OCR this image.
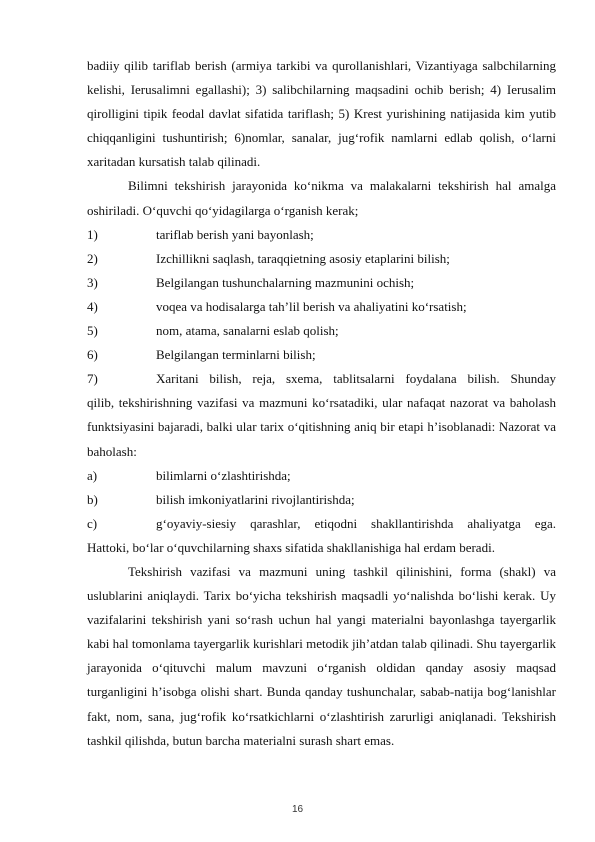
badiiy qilib tariflab berish (armiya tarkibi va qurollanishlari, Vizantiyaga salbchilarning kelishi, Ierusalimni egallashi); 3) salibchilarning maqsadini ochib berish; 4) Ierusalim qirolligini tipik feodal davlat sifatida tariflash; 5) Krest yurishining natijasida kim yutib chiqqanligini tushuntirish; 6)nomlar, sanalar, jug‘rofik namlarni edlab qolish, o‘larni xaritadan kursatish talab qilinadi.

Bilimni tekshirish jarayonida ko‘nikma va malakalarni tekshirish hal amalga oshiriladi. O‘quvchi qo‘yidagilarga o‘rganish kerak;

1)	tariflab berish yani bayonlash;
2)	Izchillikni saqlash, taraqqietning asosiy etaplarini bilish;
3)	Belgilangan tushunchalarning mazmunini ochish;
4)	voqea va hodisalarga tah’lil berish va ahaliyatini ko‘rsatish;
5)	nom, atama, sanalarni eslab qolish;
6)	Belgilangan terminlarni bilish;
7)	Xaritani bilish, reja, sxema, tablitsalarni foydalana bilish. Shunday

qilib, tekshirishning vazifasi va mazmuni ko‘rsatadiki, ular nafaqat nazorat va baholash funktsiyasini bajaradi, balki ular tarix o‘qitishning aniq bir etapi h’isoblanadi: Nazorat va baholash:

a)	bilimlarni o‘zlashtirishda;
b)	bilish imkoniyatlarini rivojlantirishda;
c)	g‘oyaviy-siesiy qarashlar, etiqodni shakllantirishda ahaliyatga ega.

Hattoki, bo‘lar o‘quvchilarning shaxs sifatida shakllanishiga hal erdam beradi.

Tekshirish vazifasi va mazmuni uning tashkil qilinishini, forma (shakl) va uslublarini aniqlaydi. Tarix bo‘yicha tekshirish maqsadli yo‘nalishda bo‘lishi kerak. Uy vazifalarini tekshirish yani so‘rash uchun hal yangi materialni bayonlashga tayergarlik kabi hal tomonlama tayergarlik kurishlari metodik jih’atdan talab qilinadi. Shu tayergarlik jarayonida o‘qituvchi malum mavzuni o‘rganish oldidan qanday asosiy maqsad turganligini h’isobga olishi shart. Bunda qanday tushunchalar, sabab-natija bog‘lanishlar fakt, nom, sana, jug‘rofik ko‘rsatkichlarni o‘zlashtirish zarurligi aniqlanadi. Tekshirish tashkil qilishda, butun barcha materialni surash shart emas.

16
